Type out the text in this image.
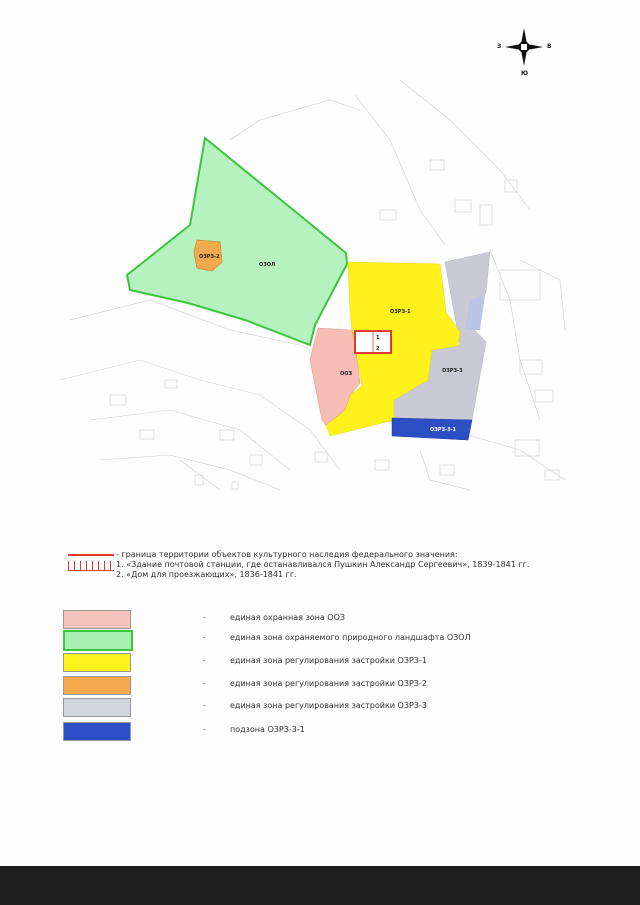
1
2
ОЗОЛ
ОЗРЗ-2
ОЗРЗ-1
ООЗ	ОЗРЗ-3
ОЗРЗ-3-1
З	В
Ю
- граница территории объектов культурного наследия федерального значения:
1. «Здание почтовой станции, где останавливался Пушкин Александр Сергеевич», 1839-1841 гг.
2. «Дом для проезжающих», 1836-1841 гг.
-	единая охранная зона ООЗ
-	единая зона охраняемого природного ландшафта ОЗОЛ
-	единая зона регулирования застройки ОЗРЗ-1
-	единая зона регулирования застройки ОЗРЗ-2
-	единая зона регулирования застройки ОЗРЗ-3
-	подзона ОЗРЗ-3-1
